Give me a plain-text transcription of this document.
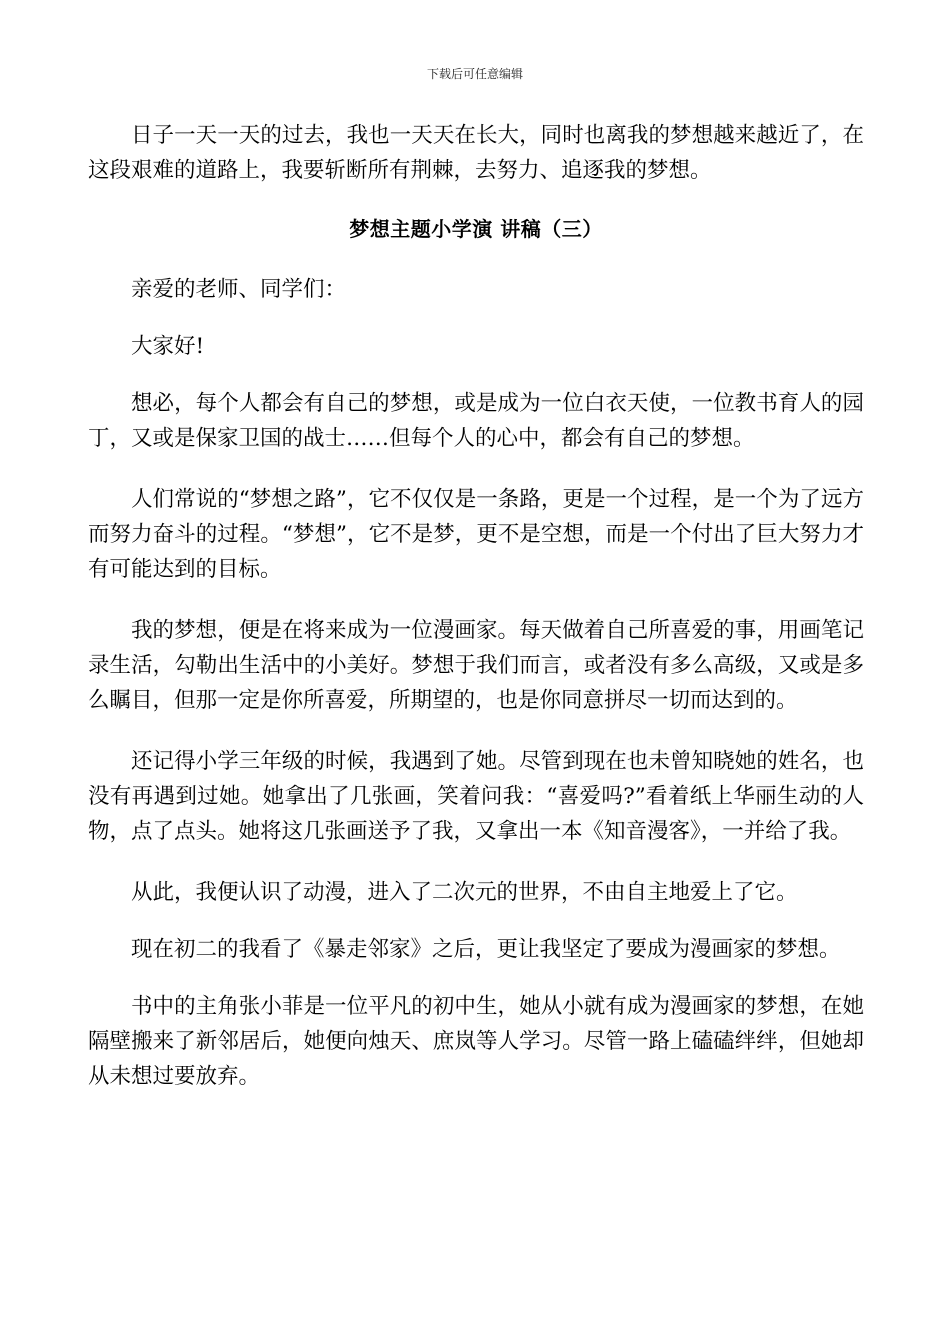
下载后可任意编辑

日子一天一天的过去，我也一天天在长大，同时也离我的梦想越来越近了，在这段艰难的道路上，我要斩断所有荆棘，去努力、追逐我的梦想。

梦想主题小学演 讲稿（三）

亲爱的老师、同学们：

大家好!

想必，每个人都会有自己的梦想，或是成为一位白衣天使，一位教书育人的园丁，又或是保家卫国的战士……但每个人的心中，都会有自己的梦想。

人们常说的“梦想之路”，它不仅仅是一条路，更是一个过程，是一个为了远方而努力奋斗的过程。“梦想”，它不是梦，更不是空想，而是一个付出了巨大努力才有可能达到的目标。

我的梦想，便是在将来成为一位漫画家。每天做着自己所喜爱的事，用画笔记录生活，勾勒出生活中的小美好。梦想于我们而言，或者没有多么高级，又或是多么瞩目，但那一定是你所喜爱，所期望的，也是你同意拼尽一切而达到的。

还记得小学三年级的时候，我遇到了她。尽管到现在也未曾知晓她的姓名，也没有再遇到过她。她拿出了几张画，笑着问我：“喜爱吗?”看着纸上华丽生动的人物，点了点头。她将这几张画送予了我，又拿出一本《知音漫客》，一并给了我。

从此，我便认识了动漫，进入了二次元的世界，不由自主地爱上了它。

现在初二的我看了《暴走邻家》之后，更让我坚定了要成为漫画家的梦想。

书中的主角张小菲是一位平凡的初中生，她从小就有成为漫画家的梦想，在她隔壁搬来了新邻居后，她便向烛天、庶岚等人学习。尽管一路上磕磕绊绊，但她却从未想过要放弃。
